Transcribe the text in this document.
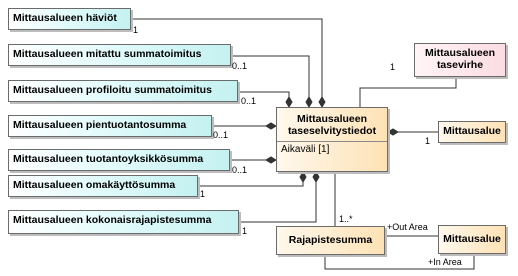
Mittausalueen häviöt
Mittausalueen mitattu summatoimitus
Mittausalueen profiloitu summatoimitus
Mittausalueen pientuotantosumma
Mittausalueen tuotantoyksikkösumma
Mittausalueen omakäyttösumma
Mittausalueen kokonaisrajapistesumma
Mittausalueen
tasevirhe
Mittausalueen
taseselvitystiedot
Aikaväli [1]
Mittausalue
Rajapistesumma	Mittausalue
1
0..1
0..1
0..1
0..1
1
1
1
1
1..*
+Out Area
+In Area
